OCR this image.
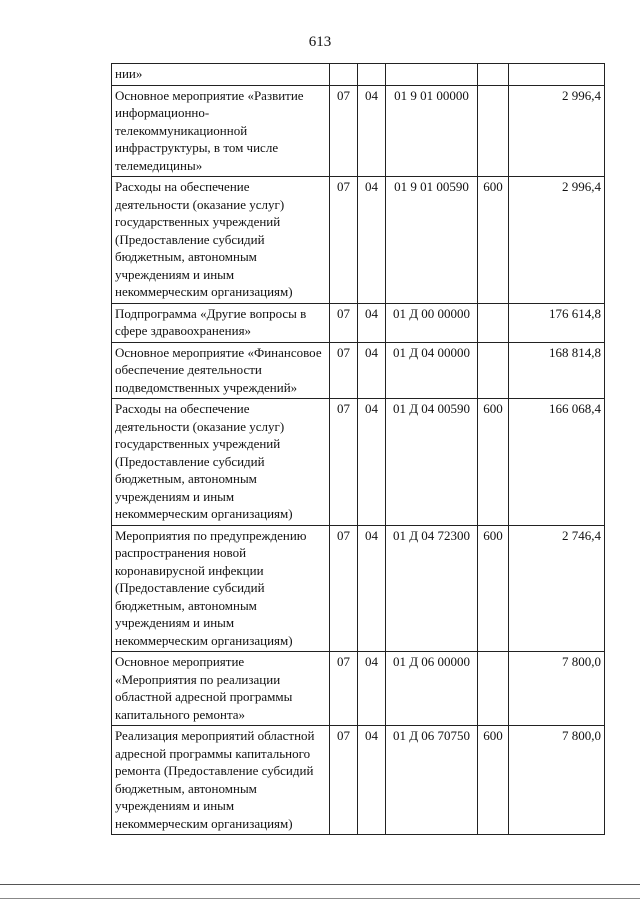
613
нии»					
Основное мероприятие «Развитие информационно-телекоммуникационной инфраструктуры, в том числе телемедицины»	07	04	01 9 01 00000		2 996,4
Расходы на обеспечение деятельности (оказание услуг) государственных учреждений (Предоставление субсидий бюджетным, автономным учреждениям и иным некоммерческим организациям)	07	04	01 9 01 00590	600	2 996,4
Подпрограмма «Другие вопросы в сфере здравоохранения»	07	04	01 Д 00 00000		176 614,8
Основное мероприятие «Финансовое обеспечение деятельности подведомственных учреждений»	07	04	01 Д 04 00000		168 814,8
Расходы на обеспечение деятельности (оказание услуг) государственных учреждений (Предоставление субсидий бюджетным, автономным учреждениям и иным некоммерческим организациям)	07	04	01 Д 04 00590	600	166 068,4
Мероприятия по предупреждению распространения новой коронавирусной инфекции (Предоставление субсидий бюджетным, автономным учреждениям и иным некоммерческим организациям)	07	04	01 Д 04 72300	600	2 746,4
Основное мероприятие «Мероприятия по реализации областной адресной программы капитального ремонта»	07	04	01 Д 06 00000		7 800,0
Реализация мероприятий областной адресной программы капитального ремонта (Предоставление субсидий бюджетным, автономным учреждениям и иным некоммерческим организациям)	07	04	01 Д 06 70750	600	7 800,0
